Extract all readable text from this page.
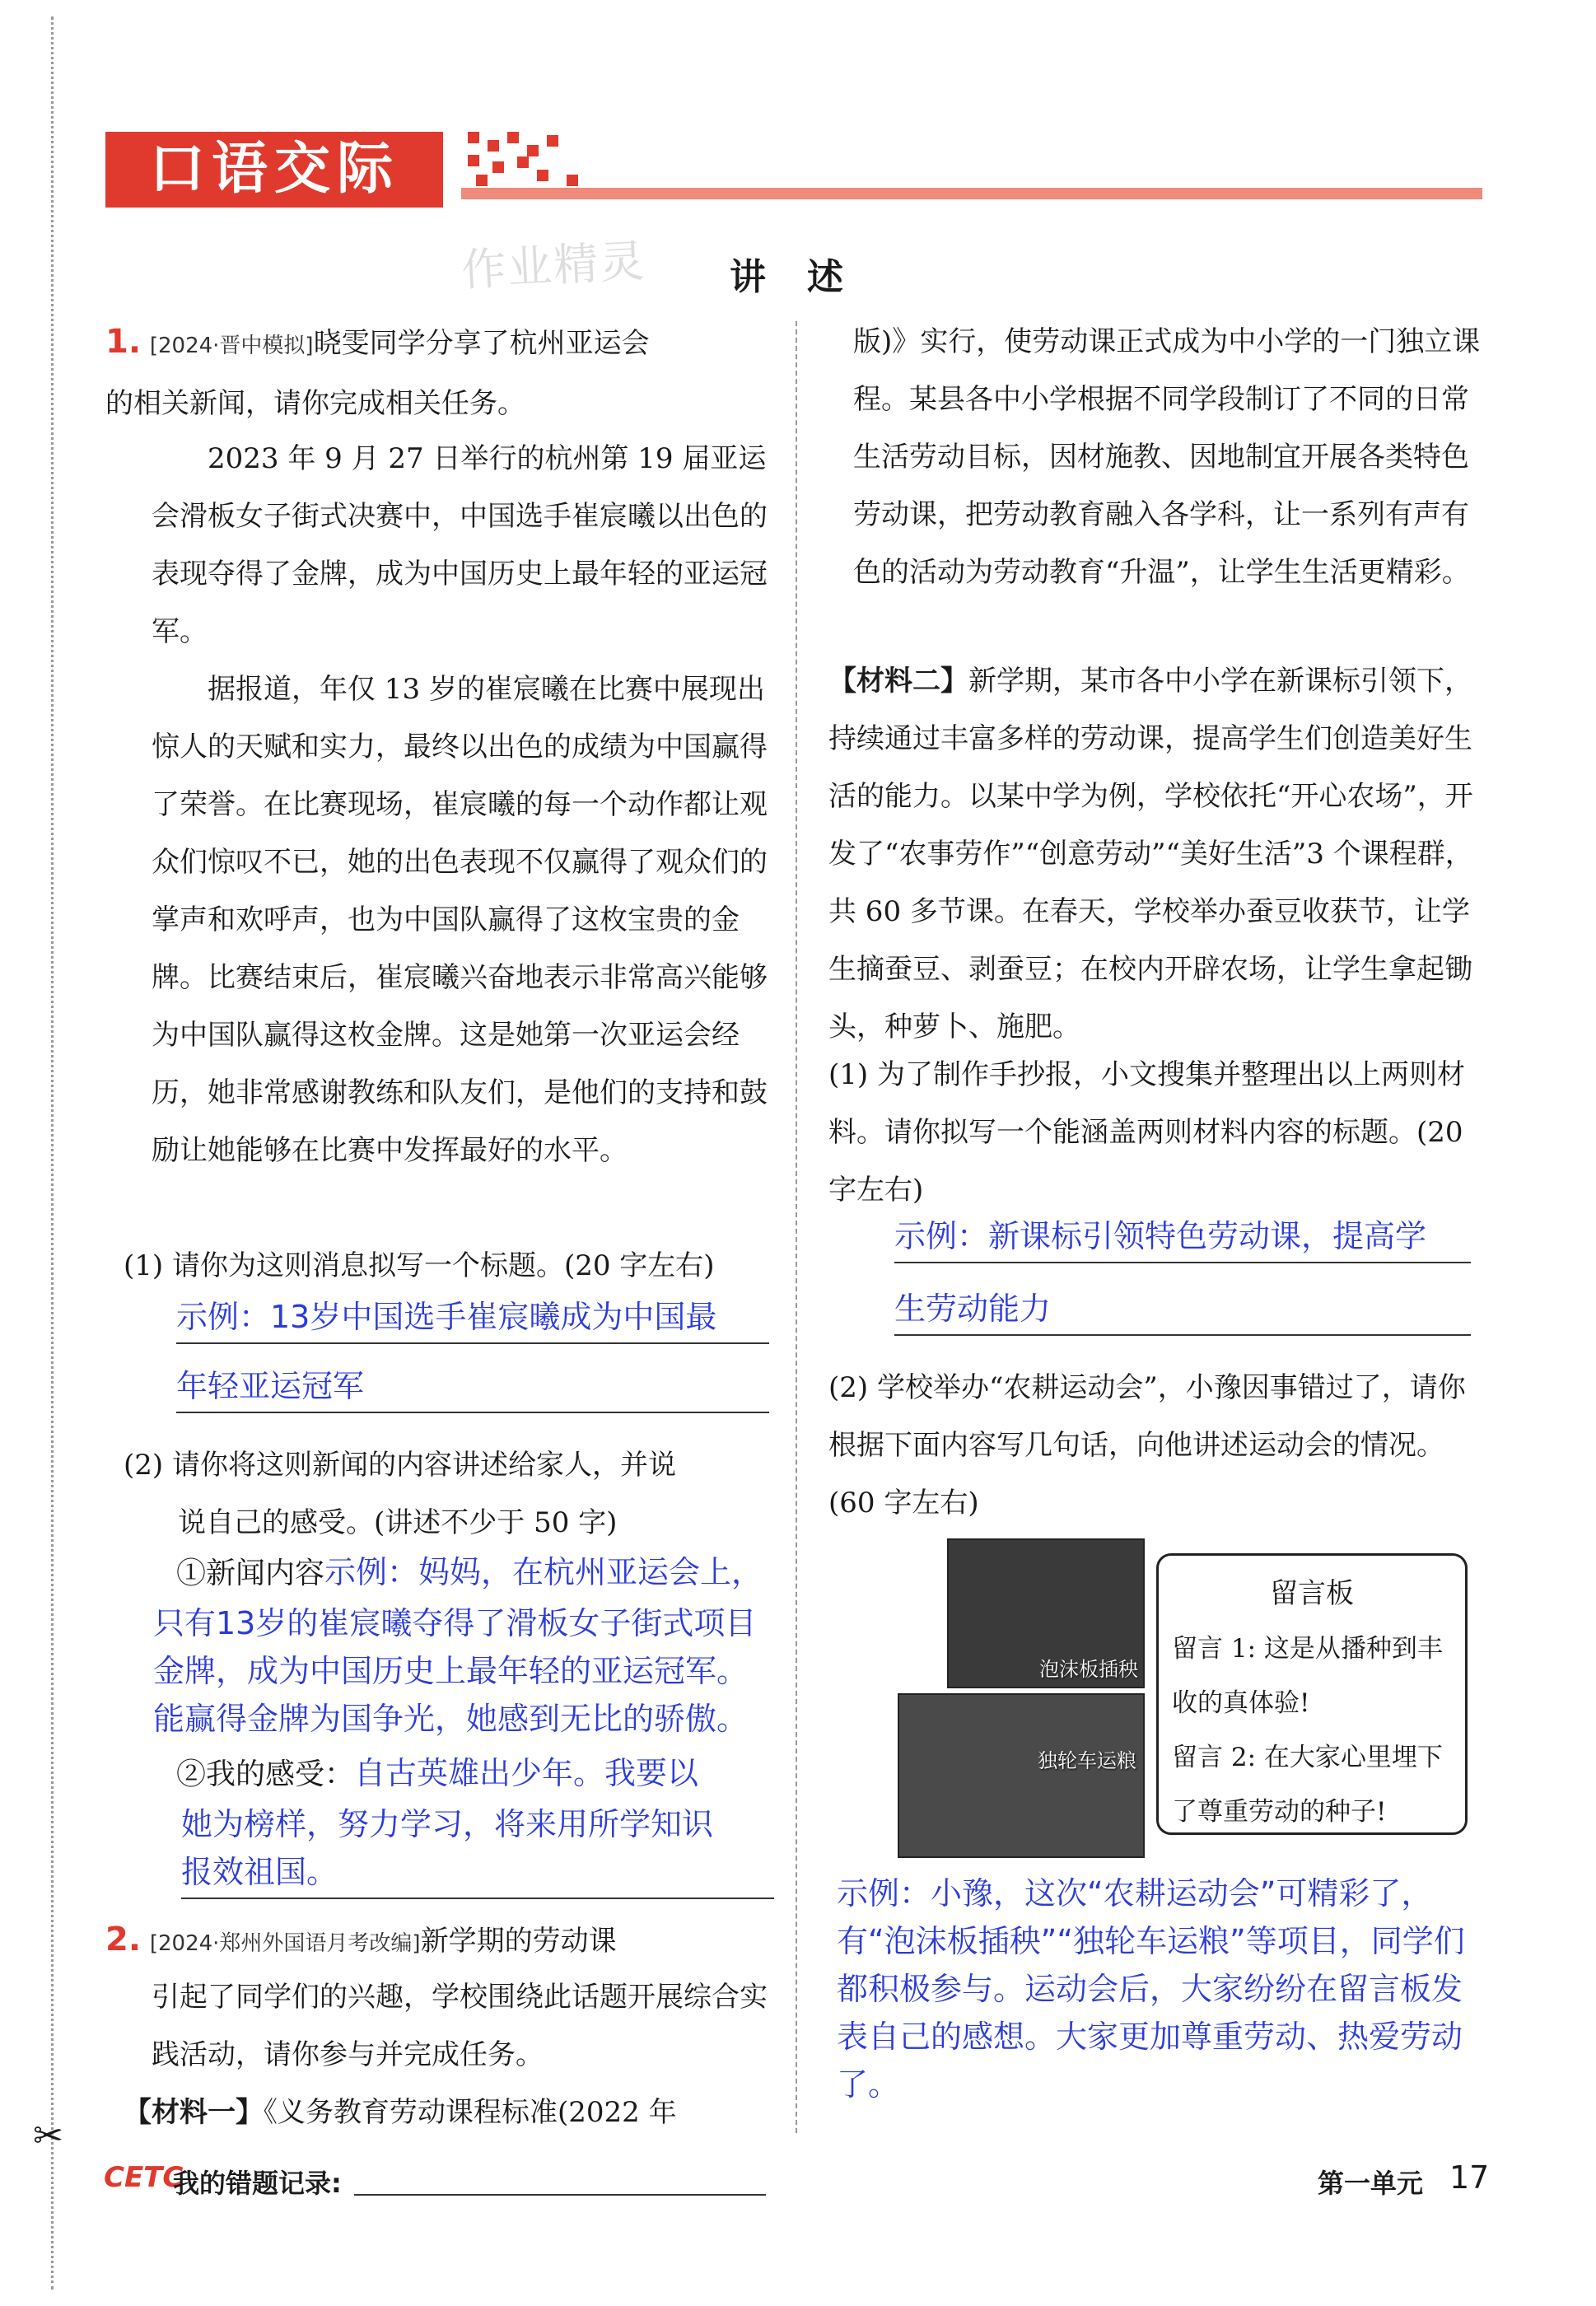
✂
口语交际
作业精灵 讲述
1. [2024·晋中模拟]晓雯同学分享了杭州亚运会
的相关新闻，请你完成相关任务。
2023 年 9 月 27 日举行的杭州第 19 届亚运会滑板女子街式决赛中，中国选手崔宸曦以出色的表现夺得了金牌，成为中国历史上最年轻的亚运冠军。
据报道，年仅 13 岁的崔宸曦在比赛中展现出惊人的天赋和实力，最终以出色的成绩为中国赢得了荣誉。在比赛现场，崔宸曦的每一个动作都让观众们惊叹不已，她的出色表现不仅赢得了观众们的掌声和欢呼声，也为中国队赢得了这枚宝贵的金牌。比赛结束后，崔宸曦兴奋地表示非常高兴能够为中国队赢得这枚金牌。这是她第一次亚运会经历，她非常感谢教练和队友们，是他们的支持和鼓励让她能够在比赛中发挥最好的水平。
(1) 请你为这则消息拟写一个标题。(20 字左右)
示例：13岁中国选手崔宸曦成为中国最
年轻亚运冠军
(2) 请你将这则新闻的内容讲述给家人，并说
说自己的感受。(讲述不少于 50 字)
①新闻内容示例：妈妈，在杭州亚运会上，
只有13岁的崔宸曦夺得了滑板女子街式项目
金牌，成为中国历史上最年轻的亚运冠军。
能赢得金牌为国争光，她感到无比的骄傲。
②我的感受：自古英雄出少年。我要以
她为榜样，努力学习，将来用所学知识
报效祖国。
2. [2024·郑州外国语月考改编]新学期的劳动课
引起了同学们的兴趣，学校围绕此话题开展综合实践活动，请你参与并完成任务。
【材料一】《义务教育劳动课程标准(2022 年
版)》实行，使劳动课正式成为中小学的一门独立课程。某县各中小学根据不同学段制订了不同的日常生活劳动目标，因材施教、因地制宜开展各类特色劳动课，把劳动教育融入各学科，让一系列有声有色的活动为劳动教育“升温”，让学生生活更精彩。
【材料二】新学期，某市各中小学在新课标引领下，持续通过丰富多样的劳动课，提高学生们创造美好生活的能力。以某中学为例，学校依托“开心农场”，开发了“农事劳作”“创意劳动”“美好生活”3 个课程群，共 60 多节课。在春天，学校举办蚕豆收获节，让学生摘蚕豆、剥蚕豆；在校内开辟农场，让学生拿起锄头，种萝卜、施肥。
(1) 为了制作手抄报，小文搜集并整理出以上两则材料。请你拟写一个能涵盖两则材料内容的标题。(20 字左右)
示例：新课标引领特色劳动课，提高学
生劳动能力
(2) 学校举办“农耕运动会”，小豫因事错过了，请你根据下面内容写几句话，向他讲述运动会的情况。(60 字左右)
泡沫板插秧
独轮车运粮
留言板
留言 1: 这是从播种到丰收的真体验!
留言 2: 在大家心里埋下了尊重劳动的种子!
示例：小豫，这次“农耕运动会”可精彩了，有“泡沫板插秧”“独轮车运粮”等项目，同学们都积极参与。运动会后，大家纷纷在留言板发表自己的感想。大家更加尊重劳动、热爱劳动了。
CETC
我的错题记录:	第一单元 17
